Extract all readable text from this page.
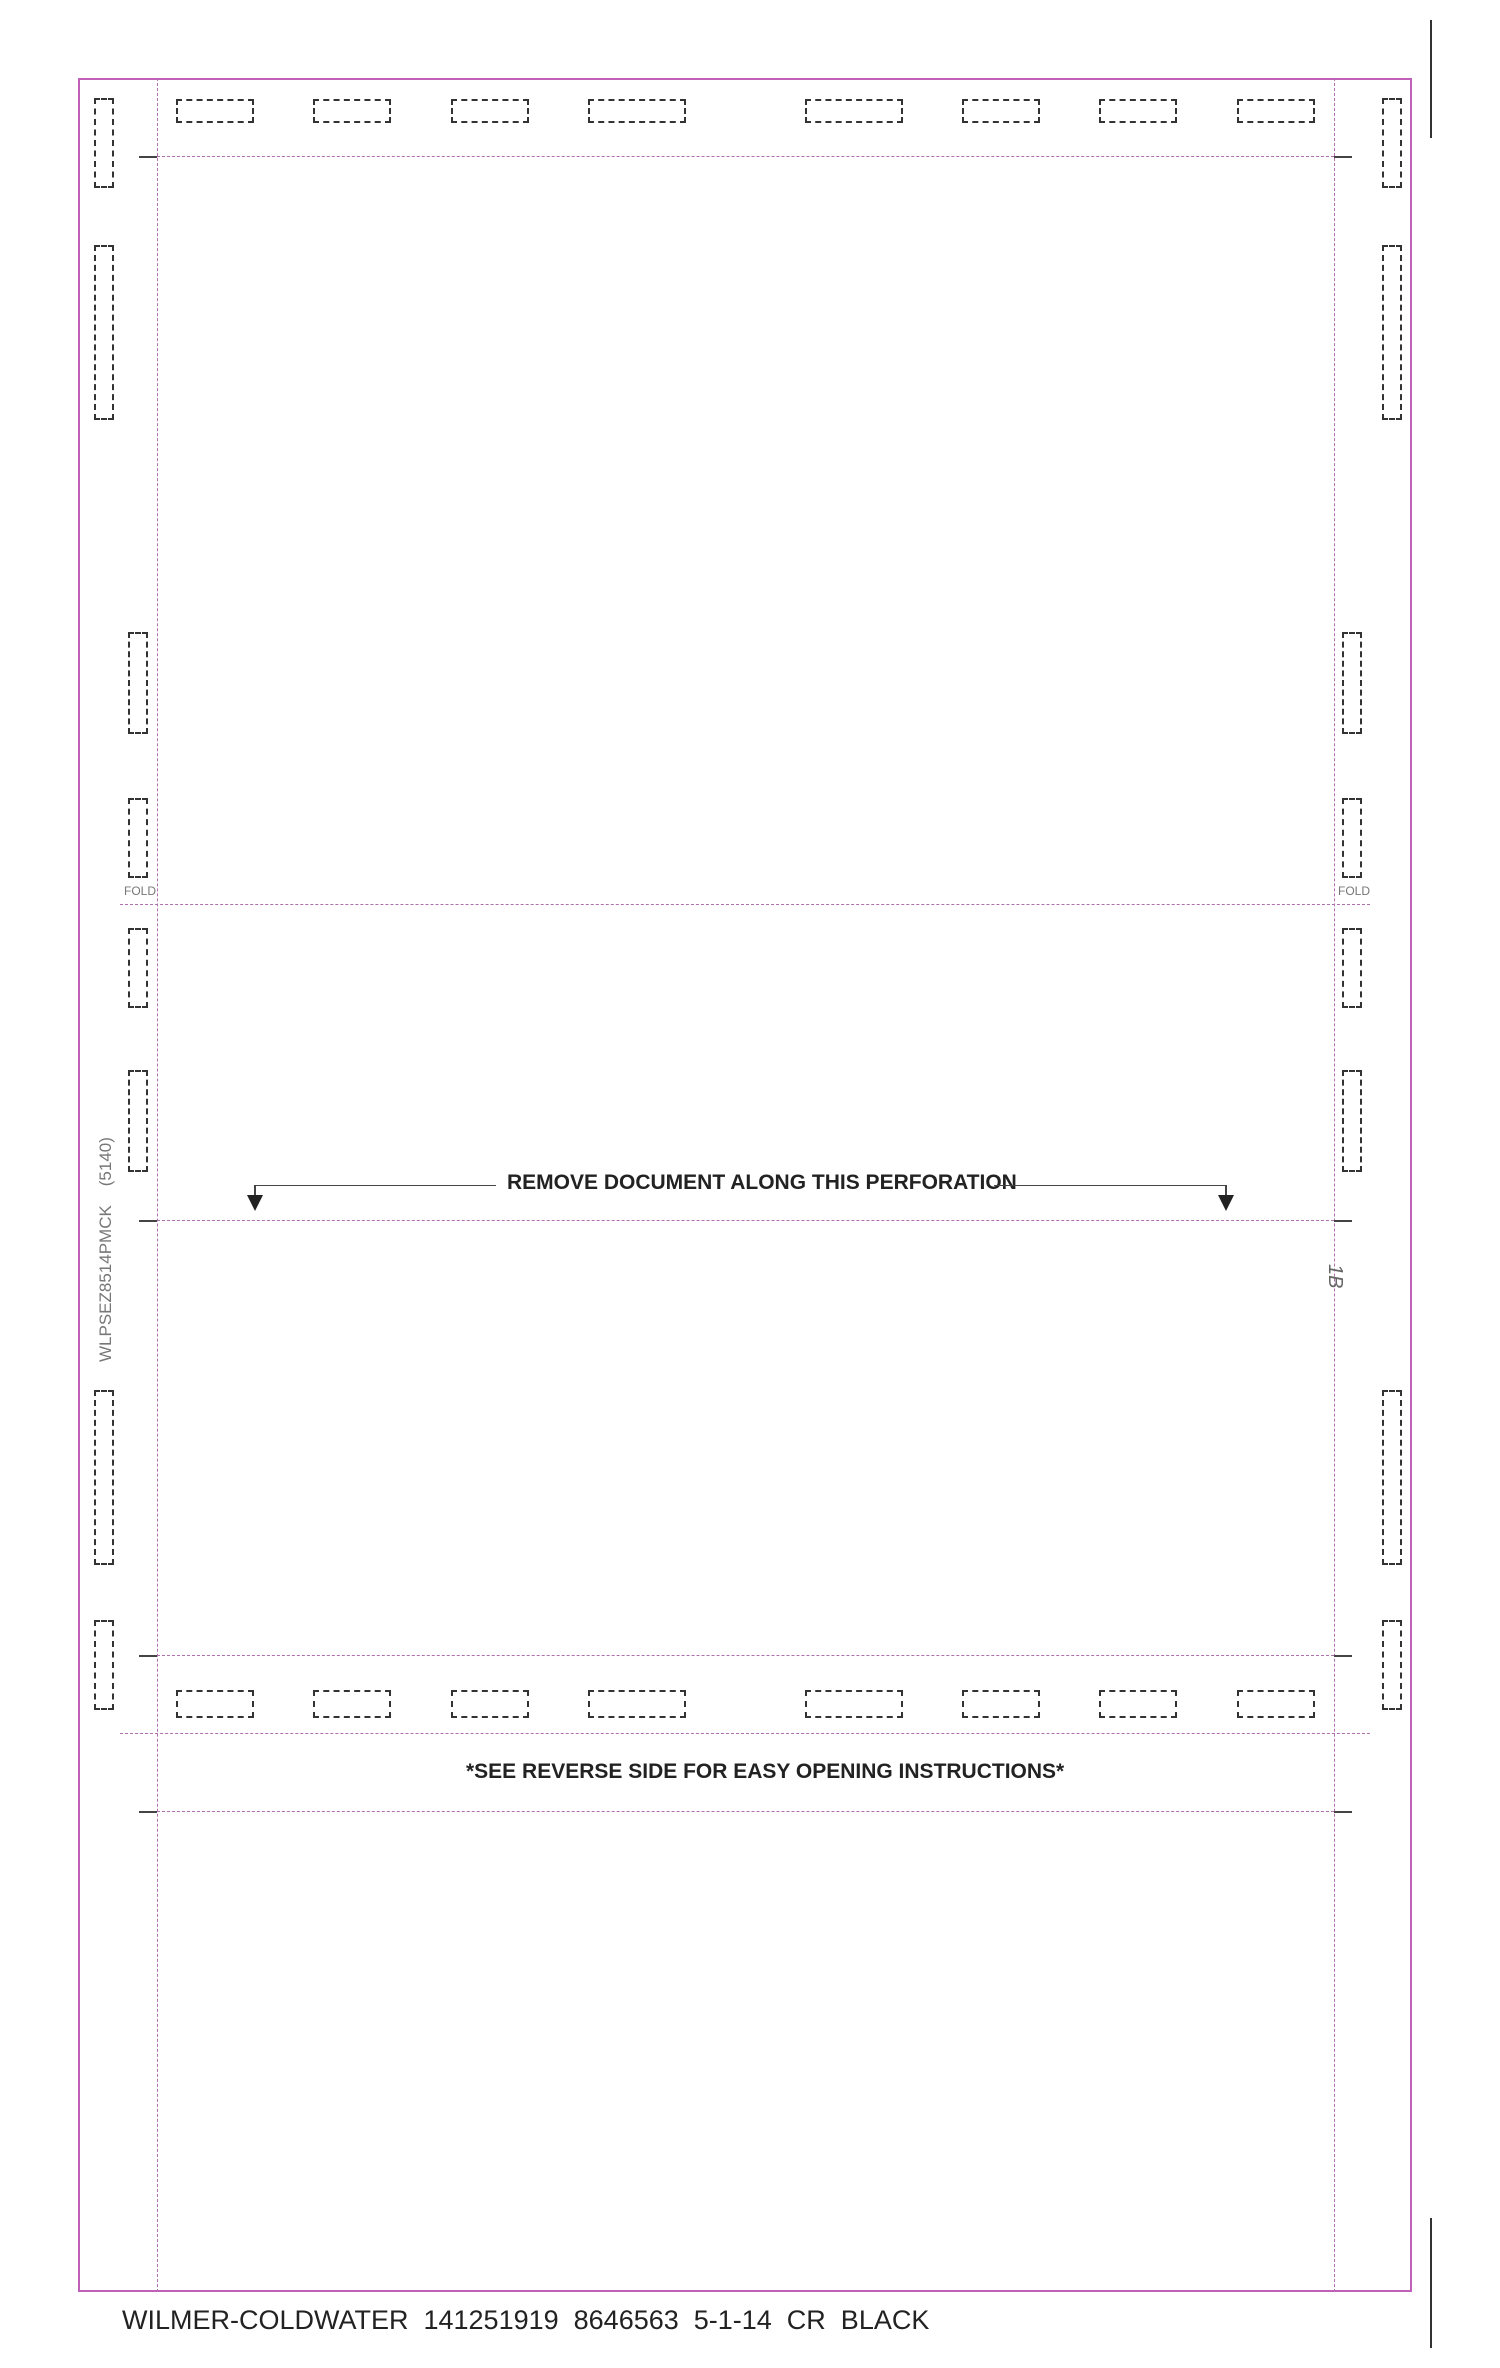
FOLD	FOLD
REMOVE DOCUMENT ALONG THIS PERFORATION
*SEE REVERSE SIDE FOR EASY OPENING INSTRUCTIONS*
WLPSEZ8514PMCK    (5140)
1B
WILMER-COLDWATER  141251919  8646563  5-1-14  CR  BLACK
